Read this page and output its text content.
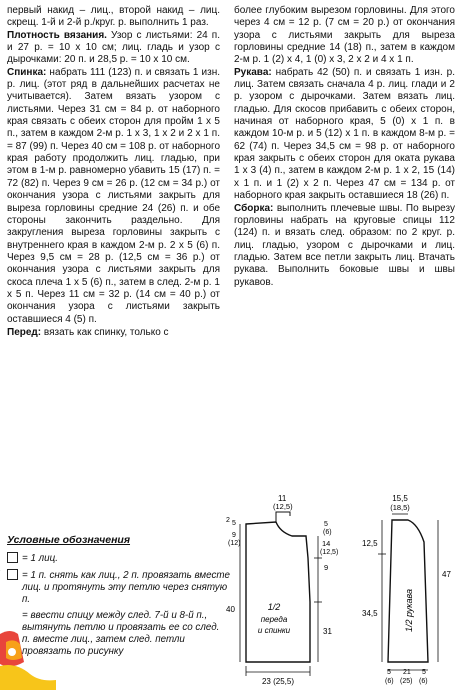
первый накид – лиц., второй накид – лиц. скрещ. 1-й и 2-й р./круг. р. выполнить 1 раз.

Плотность вязания. Узор с листьями: 24 п. и 27 р. = 10 х 10 см; лиц. гладь и узор с дырочками: 20 п. и 28,5 р. = 10 х 10 см.

Спинка: набрать 111 (123) п. и связать 1 изн. р. лиц. (этот ряд в дальнейших расчетах не учитывается). Затем вязать узором с листьями. Через 31 см = 84 р. от наборного края связать с обеих сторон для пройм 1 х 5 п., затем в каждом 2-м р. 1 х 3, 1 х 2 и 2 х 1 п. = 87 (99) п. Через 40 см = 108 р. от наборного края работу продолжить лиц. гладью, при этом в 1-м р. равномерно убавить 15 (17) п. = 72 (82) п. Через 9 см = 26 р. (12 см = 34 р.) от окончания узора с листьями закрыть для выреза горловины средние 24 (26) п. и обе стороны закончить раздельно. Для закругления выреза горловины закрыть с внутреннего края в каждом 2-м р. 2 х 5 (6) п. Через 9,5 см = 28 р. (12,5 см = 36 р.) от окончания узора с листьями закрыть для скоса плеча 1 х 5 (6) п., затем в след. 2-м р. 1 х 5 п. Через 11 см = 32 р. (14 см = 40 р.) от окончания узора с листьями закрыть оставшиеся 4 (5) п.

Перед: вязать как спинку, только с

более глубоким вырезом горловины. Для этого через 4 см = 12 р. (7 см = 20 р.) от окончания узора с листьями закрыть для выреза горловины средние 14 (18) п., затем в каждом 2-м р. 1 (2) х 4, 1 (0) х 3, 2 х 2 и 4 х 1 п.

Рукава: набрать 42 (50) п. и связать 1 изн. р. лиц. Затем связать сначала 4 р. лиц. глади и 2 р. узором с дырочками. Затем вязать лиц. гладью. Для скосов прибавить с обеих сторон, начиная от наборного края, 5 (0) х 1 п. в каждом 10-м р. и 5 (12) х 1 п. в каждом 8-м р. = 62 (74) п. Через 34,5 см = 98 р. от наборного края закрыть с обеих сторон для оката рукава 1 х 3 (4) п., затем в каждом 2-м р. 1 х 2, 15 (14) х 1 п. и 1 (2) х 2 п. Через 47 см = 134 р. от наборного края закрыть оставшиеся 18 (26) п.

Сборка: выполнить плечевые швы. По вырезу горловины набрать на круговые спицы 112 (124) п. и вязать след. образом: по 2 круг. р. лиц. гладью, узором с дырочками и лиц. гладью. Затем все петли закрыть лиц. Втачать рукава. Выполнить боковые швы и швы рукавов.

Условные обозначения
= 1 лиц.
⇧= 1 п. снять как лиц., 2 п. провязать вместе лиц. и протянуть эту петлю через снятую п.
= ввести спицу между след. 7-й и 8-й п., вытянуть петлю и провязать ее со след. п. вместе лиц., затем след. петли провязать по рисунку
11
(12,5)
2 5
9
(12)
5
(6)
14
(12,5)
9
31
40	1/2
переда
и спинки
23 (25,5)
15,5
(18,5)
12,5
34,5
47
1/2 рукава
5
(6)
21
(25)
5
(6)
